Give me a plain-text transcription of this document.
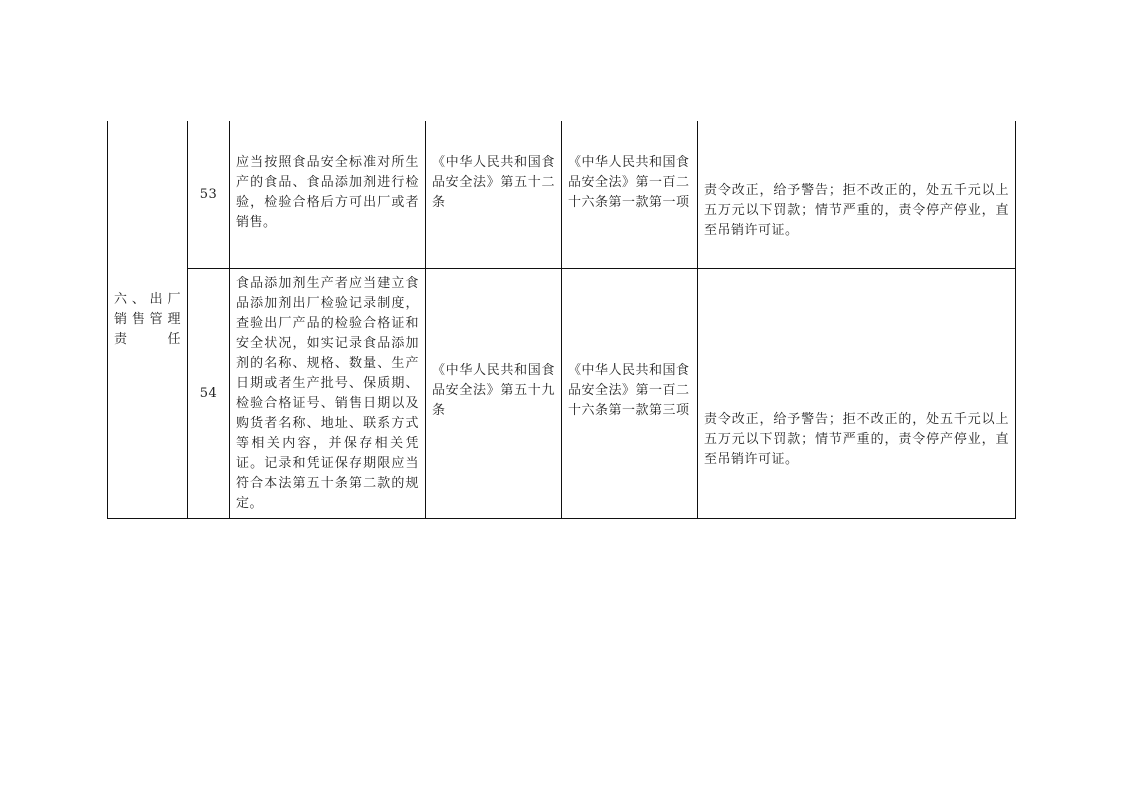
六、出厂销售管理责任	53	应当按照食品安全标准对所生产的食品、食品添加剂进行检验，检验合格后方可出厂或者销售。	《中华人民共和国食品安全法》第五十二条	《中华人民共和国食品安全法》第一百二十六条第一款第一项	责令改正，给予警告；拒不改正的，处五千元以上五万元以下罚款；情节严重的，责令停产停业，直至吊销许可证。

	54	食品添加剂生产者应当建立食品添加剂出厂检验记录制度，查验出厂产品的检验合格证和安全状况，如实记录食品添加剂的名称、规格、数量、生产日期或者生产批号、保质期、检验合格证号、销售日期以及购货者名称、地址、联系方式等相关内容，并保存相关凭证。记录和凭证保存期限应当符合本法第五十条第二款的规定。	《中华人民共和国食品安全法》第五十九条	《中华人民共和国食品安全法》第一百二十六条第一款第三项	责令改正，给予警告；拒不改正的，处五千元以上五万元以下罚款；情节严重的，责令停产停业，直至吊销许可证。
